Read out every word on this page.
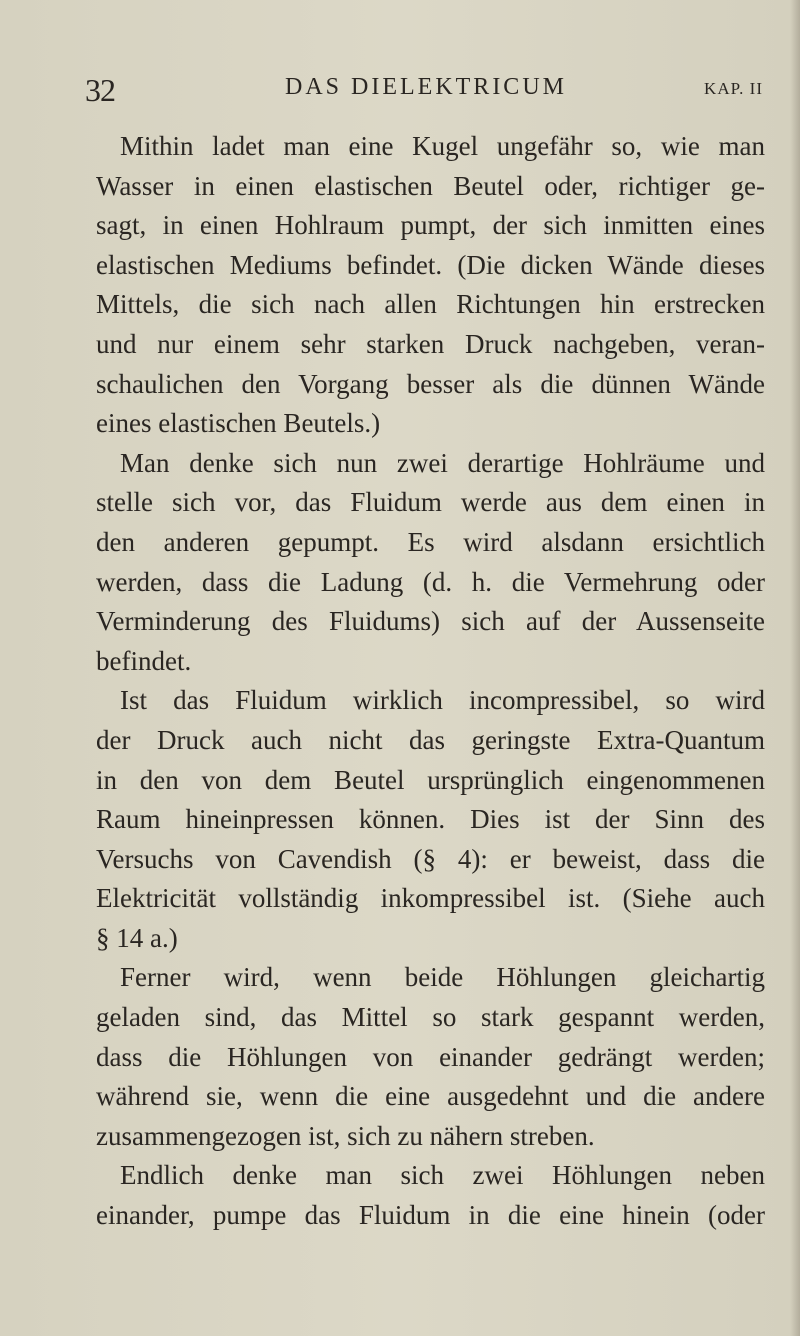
32	DAS DIELEKTRICUM	KAP. II
Mithin ladet man eine Kugel ungefähr so, wie man
Wasser in einen elastischen Beutel oder, richtiger ge-
sagt, in einen Hohlraum pumpt, der sich inmitten eines
elastischen Mediums befindet. (Die dicken Wände dieses
Mittels, die sich nach allen Richtungen hin erstrecken
und nur einem sehr starken Druck nachgeben, veran-
schaulichen den Vorgang besser als die dünnen Wände
eines elastischen Beutels.)
Man denke sich nun zwei derartige Hohlräume und
stelle sich vor, das Fluidum werde aus dem einen in
den anderen gepumpt. Es wird alsdann ersichtlich
werden, dass die Ladung (d. h. die Vermehrung oder
Verminderung des Fluidums) sich auf der Aussenseite
befindet.
Ist das Fluidum wirklich incompressibel, so wird
der Druck auch nicht das geringste Extra-Quantum
in den von dem Beutel ursprünglich eingenommenen
Raum hineinpressen können. Dies ist der Sinn des
Versuchs von Cavendish (§ 4): er beweist, dass die
Elektricität vollständig inkompressibel ist. (Siehe auch
§ 14 a.)
Ferner wird, wenn beide Höhlungen gleichartig
geladen sind, das Mittel so stark gespannt werden,
dass die Höhlungen von einander gedrängt werden;
während sie, wenn die eine ausgedehnt und die andere
zusammengezogen ist, sich zu nähern streben.
Endlich denke man sich zwei Höhlungen neben
einander, pumpe das Fluidum in die eine hinein (oder
